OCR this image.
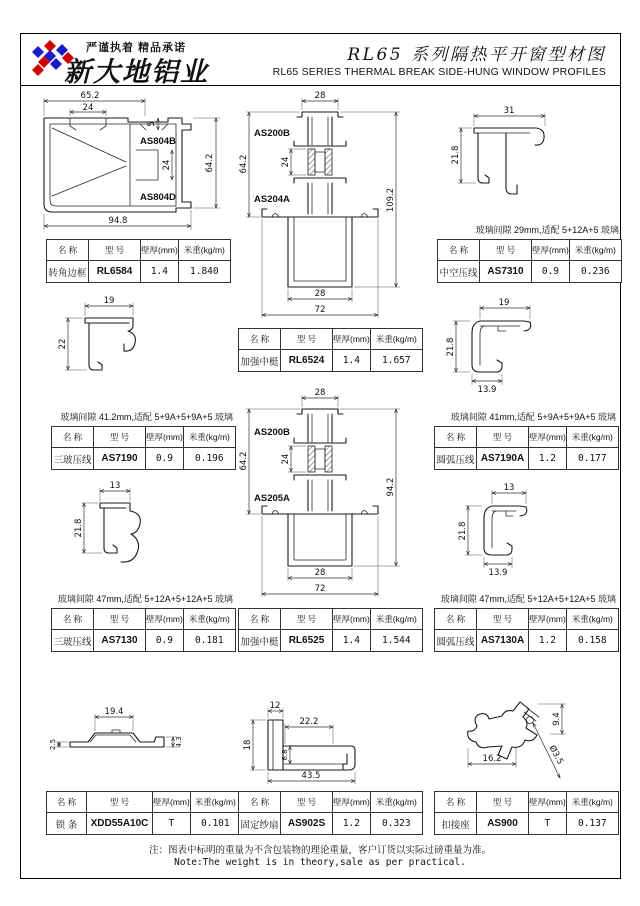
严谨执着 精品承诺
新大地铝业
RL65 系列隔热平开窗型材图
RL65 SERIES THERMAL BREAK SIDE-HUNG WINDOW PROFILES
AS804B
AS804D
65.2
24
5
64.2
24
94.8
AS200B
AS204A
28
64.2	24
109.2
28
72
31
21.8
19
22
19
21.8
13.9
AS200B
AS205A
28
64.2	24
94.2
28
72
13
21.8
13
21.8
13.9
19.4
2.5	4.3
12
22.2
6.8
18
43.5
Ø3.5
16.2
9.4
玻璃间隙 29mm,适配 5+12A+5 玻璃
玻璃间隙 41.2mm,适配 5+9A+5+9A+5 玻璃	玻璃间隙 41mm,适配 5+9A+5+9A+5 玻璃
玻璃间隙 47mm,适配 5+12A+5+12A+5 玻璃	玻璃间隙 47mm,适配 5+12A+5+12A+5 玻璃
名 称	型 号	壁厚(mm)	米重(kg/m)
转角边框	RL6584	1.4	1.840
名 称	型 号	壁厚(mm)	米重(kg/m)
加强中梃	RL6524	1.4	1.657
名 称	型 号	壁厚(mm)	米重(kg/m)
中空压线	AS7310	0.9	0.236
名 称	型 号	壁厚(mm)	米重(kg/m)
三玻压线	AS7190	0.9	0.196
名 称	型 号	壁厚(mm)	米重(kg/m)
圆弧压线	AS7190A	1.2	0.177
名 称	型 号	壁厚(mm)	米重(kg/m)
加强中梃	RL6525	1.4	1.544
名 称	型 号	壁厚(mm)	米重(kg/m)
三玻压线	AS7130	0.9	0.181
名 称	型 号	壁厚(mm)	米重(kg/m)
圆弧压线	AS7130A	1.2	0.158
名 称	型 号	壁厚(mm)	米重(kg/m)
锁 条	XDD55A10C	T	0.101
名 称	型 号	壁厚(mm)	米重(kg/m)
固定纱扇	AS902S	1.2	0.323
名 称	型 号	壁厚(mm)	米重(kg/m)
扣接座	AS900	T	0.137
注：图表中标明的重量为不含包装物的理论重量，客户订货以实际过磅重量为准。
Note:The weight is in theory,sale as per practical.
